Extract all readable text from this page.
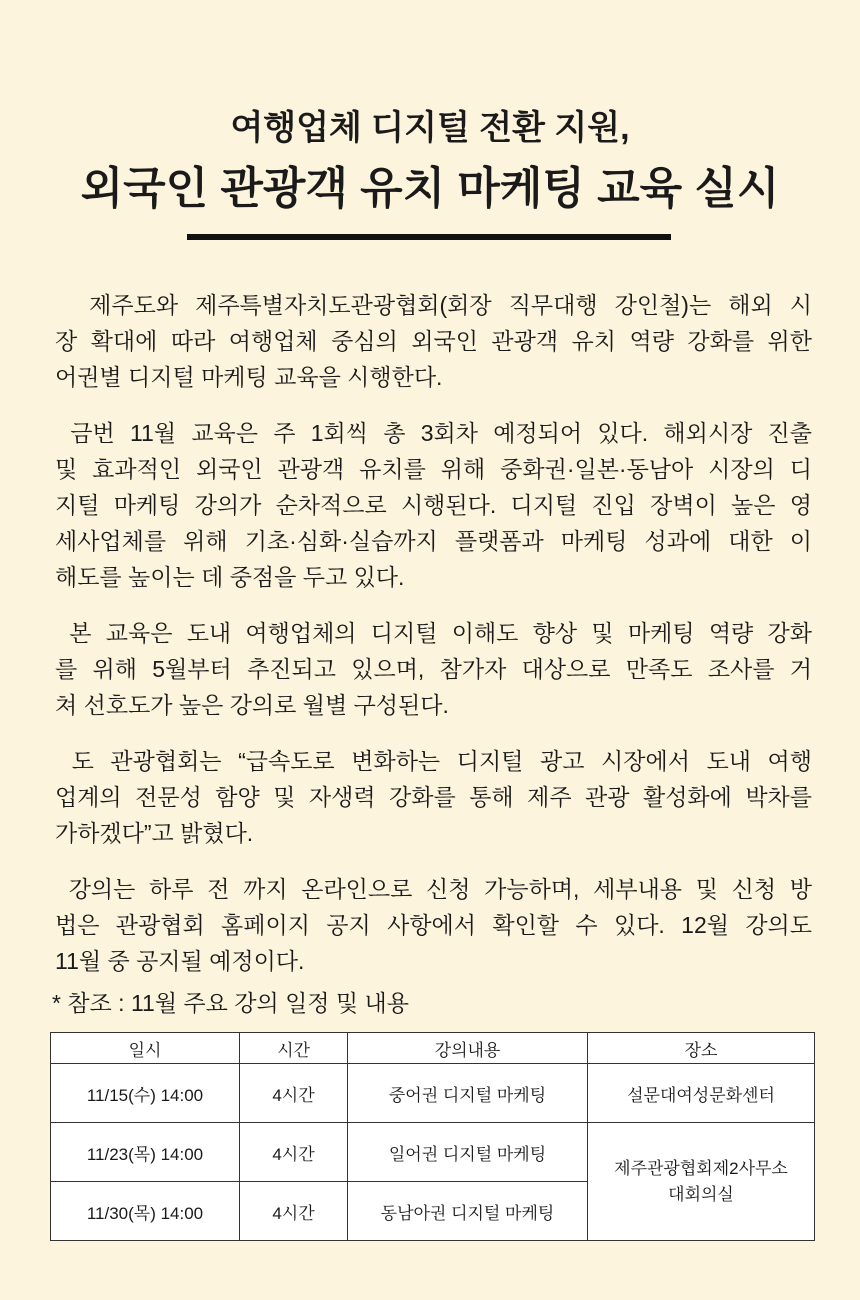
여행업체 디지털 전환 지원,
외국인 관광객 유치 마케팅 교육 실시
제주도와 제주특별자치도관광협회(회장 직무대행 강인철)는 해외 시
장 확대에 따라 여행업체 중심의 외국인 관광객 유치 역량 강화를 위한
어권별 디지털 마케팅 교육을 시행한다.
금번 11월 교육은 주 1회씩 총 3회차 예정되어 있다. 해외시장 진출
및 효과적인 외국인 관광객 유치를 위해 중화권·일본·동남아 시장의 디
지털 마케팅 강의가 순차적으로 시행된다. 디지털 진입 장벽이 높은 영
세사업체를 위해 기초·심화·실습까지 플랫폼과 마케팅 성과에 대한 이
해도를 높이는 데 중점을 두고 있다.
본 교육은 도내 여행업체의 디지털 이해도 향상 및 마케팅 역량 강화
를 위해 5월부터 추진되고 있으며, 참가자 대상으로 만족도 조사를 거
쳐 선호도가 높은 강의로 월별 구성된다.
도 관광협회는 “급속도로 변화하는 디지털 광고 시장에서 도내 여행
업계의 전문성 함양 및 자생력 강화를 통해 제주 관광 활성화에 박차를
가하겠다”고 밝혔다.
강의는 하루 전 까지 온라인으로 신청 가능하며, 세부내용 및 신청 방
법은 관광협회 홈페이지 공지 사항에서 확인할 수 있다. 12월 강의도
11월 중 공지될 예정이다.
* 참조 : 11월 주요 강의 일정 및 내용
일시	시간	강의내용	장소
11/15(수) 14:00	4시간	중어권 디지털 마케팅	설문대여성문화센터
11/23(목) 14:00	4시간	일어권 디지털 마케팅	제주관광협회제2사무소
대회의실
11/30(목) 14:00	4시간	동남아권 디지털 마케팅
